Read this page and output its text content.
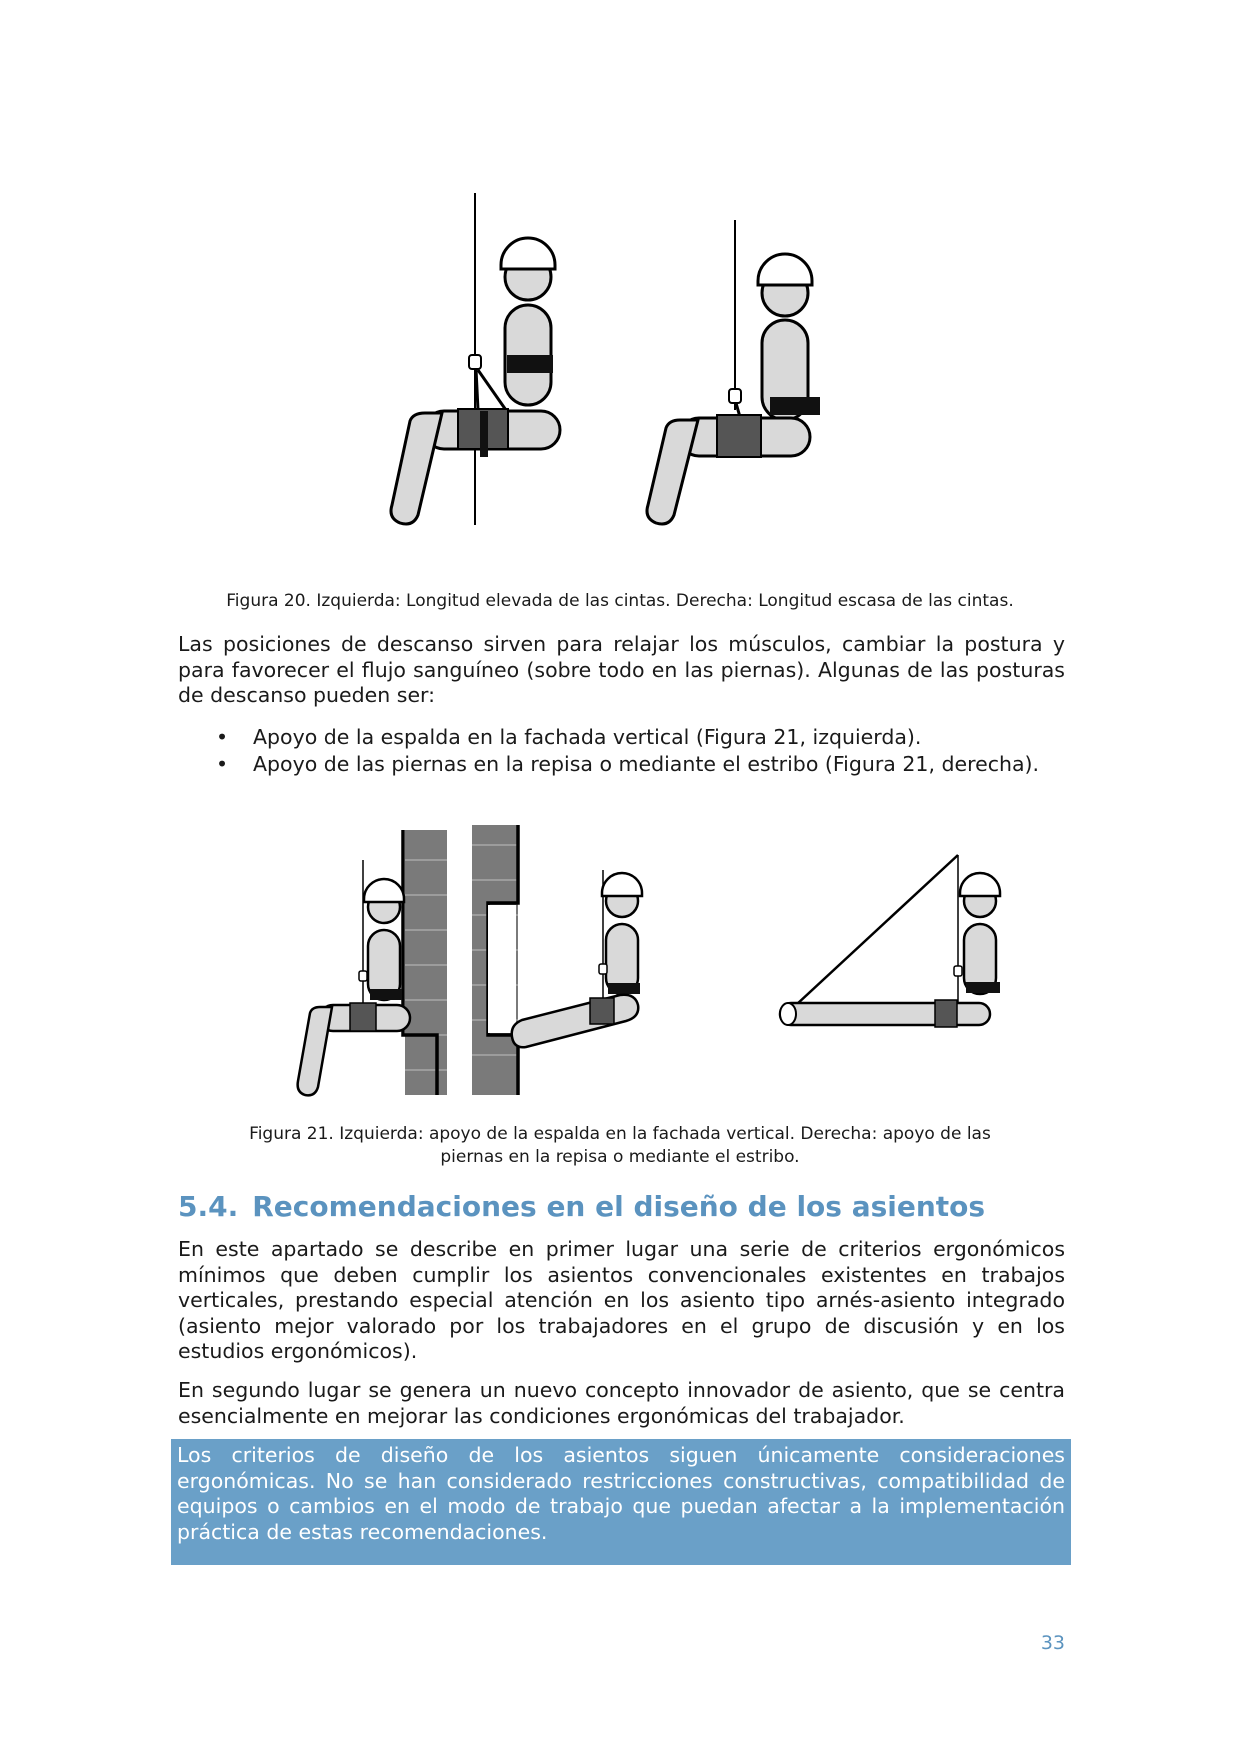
Figura 20. Izquierda: Longitud elevada de las cintas. Derecha: Longitud escasa de las cintas.

Las posiciones de descanso sirven para relajar los músculos, cambiar la postura y para favorecer el flujo sanguíneo (sobre todo en las piernas). Algunas de las posturas de descanso pueden ser:

• Apoyo de la espalda en la fachada vertical (Figura 21, izquierda).
• Apoyo de las piernas en la repisa o mediante el estribo (Figura 21, derecha).
Figura 21. Izquierda: apoyo de la espalda en la fachada vertical. Derecha: apoyo de las
piernas en la repisa o mediante el estribo.
5.4. Recomendaciones en el diseño de los asientos

En este apartado se describe en primer lugar una serie de criterios ergonómicos mínimos que deben cumplir los asientos convencionales existentes en trabajos verticales, prestando especial atención en los asiento tipo arnés-asiento integrado (asiento mejor valorado por los trabajadores en el grupo de discusión y en los estudios ergonómicos).

En segundo lugar se genera un nuevo concepto innovador de asiento, que se centra esencialmente en mejorar las condiciones ergonómicas del trabajador.

Los criterios de diseño de los asientos siguen únicamente consideraciones ergonómicas. No se han considerado restricciones constructivas, compatibilidad de equipos o cambios en el modo de trabajo que puedan afectar a la implementación práctica de estas recomendaciones.

33
